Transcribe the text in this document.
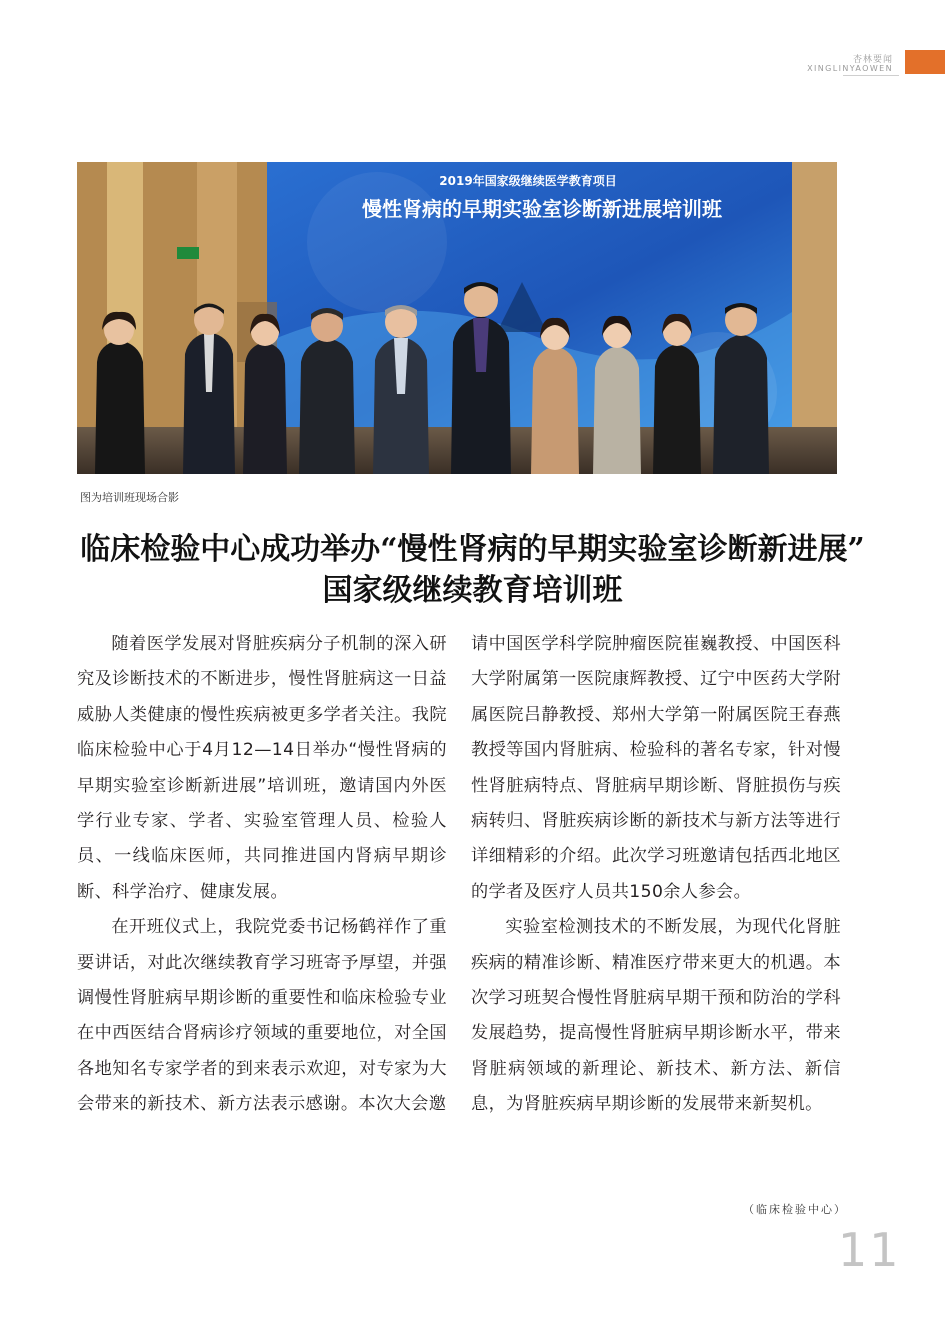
杏林要闻
XINGLINYAOWEN
2019年国家级继续医学教育项目
慢性肾病的早期实验室诊断新进展培训班
图为培训班现场合影
临床检验中心成功举办“慢性肾病的早期实验室诊断新进展”
国家级继续教育培训班

随着医学发展对肾脏疾病分子机制的深入研究及诊断技术的不断进步，慢性肾脏病这一日益威胁人类健康的慢性疾病被更多学者关注。我院临床检验中心于4月12—14日举办“慢性肾病的早期实验室诊断新进展”培训班，邀请国内外医学行业专家、学者、实验室管理人员、检验人员、一线临床医师，共同推进国内肾病早期诊断、科学治疗、健康发展。

在开班仪式上，我院党委书记杨鹤祥作了重要讲话，对此次继续教育学习班寄予厚望，并强调慢性肾脏病早期诊断的重要性和临床检验专业在中西医结合肾病诊疗领域的重要地位，对全国各地知名专家学者的到来表示欢迎，对专家为大会带来的新技术、新方法表示感谢。本次大会邀

请中国医学科学院肿瘤医院崔巍教授、中国医科大学附属第一医院康辉教授、辽宁中医药大学附属医院吕静教授、郑州大学第一附属医院王春燕教授等国内肾脏病、检验科的著名专家，针对慢性肾脏病特点、肾脏病早期诊断、肾脏损伤与疾病转归、肾脏疾病诊断的新技术与新方法等进行详细精彩的介绍。此次学习班邀请包括西北地区的学者及医疗人员共150余人参会。

实验室检测技术的不断发展，为现代化肾脏疾病的精准诊断、精准医疗带来更大的机遇。本次学习班契合慢性肾脏病早期干预和防治的学科发展趋势，提高慢性肾脏病早期诊断水平，带来肾脏病领域的新理论、新技术、新方法、新信息，为肾脏疾病早期诊断的发展带来新契机。

（临床检验中心）
11
